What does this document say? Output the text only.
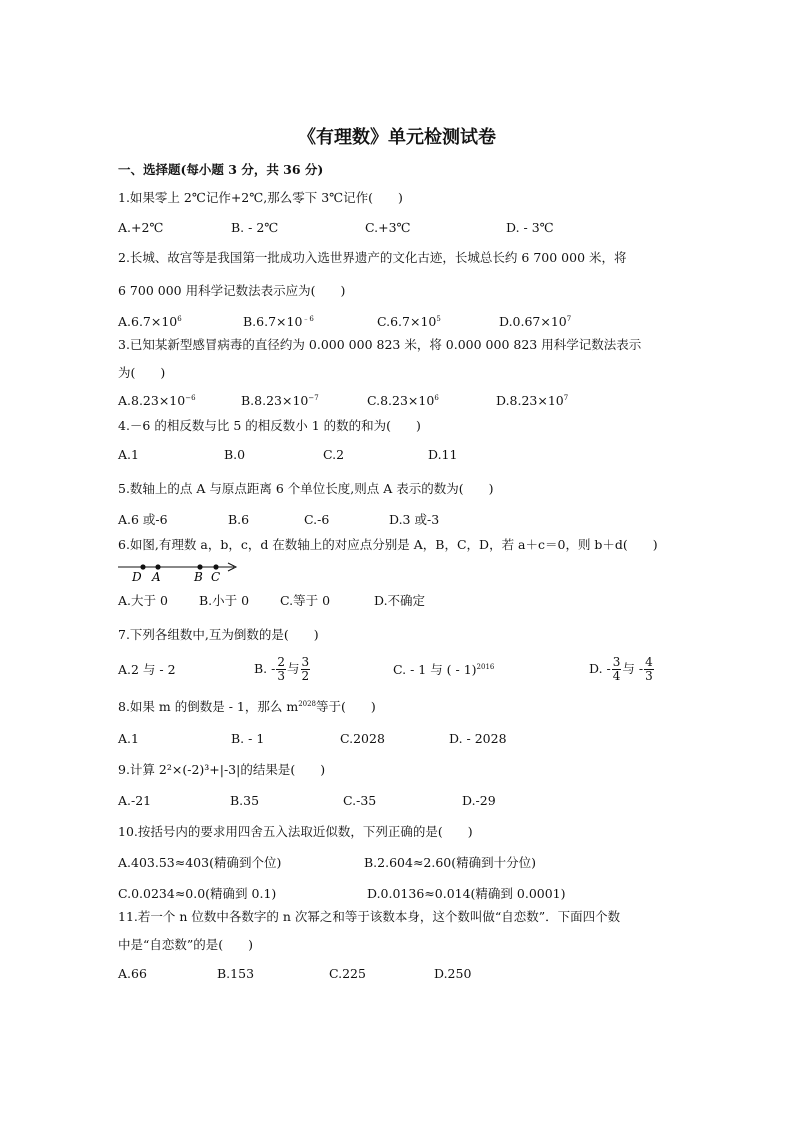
《有理数》单元检测试卷
一、选择题(每小题 3 分，共 36 分)
1.如果零上 2℃记作+2℃,那么零下 3℃记作(　　)
A.+2℃	B. - 2℃	C.+3℃	D. - 3℃
2.长城、故宫等是我国第一批成功入选世界遗产的文化古迹，长城总长约 6 700 000 米，将
6 700 000 用科学记数法表示应为(　　)
$A.6.7\times 10^6$	$B.6.7\times 10^{﹣6}$	$C.6.7\times 10^5$	$D.0.67\times 10^7$
3.已知某新型感冒病毒的直径约为 0.000 000 823 米，将 0.000 000 823 用科学记数法表示
为(　　)
$A.8.23\times 10^{-6}$	$B.8.23\times 10^{-7}$	$C.8.23\times 10^6$	$D.8.23\times 10^7$
4.－6 的相反数与比 5 的相反数小 1 的数的和为(　　)
A.1	B.0	C.2	D.11
5.数轴上的点 A 与原点距离 6 个单位长度,则点 A 表示的数为(　　)
A.6 或-6	B.6	C.-6	D.3 或-3
6.如图,有理数 a，b，c，d 在数轴上的对应点分别是 A，B，C，D，若 a＋c＝0，则 b＋d(　　)
D A	B C
A.大于 0 B.小于 0 C.等于 0	D.不确定
7.下列各组数中,互为倒数的是(　　)
A.2 与 - 2	B. - $\frac{2}{3}$ 与 $\frac{3}{2}$	C. - 1 与 ( - 1)$^{2016}$	D. - $\frac{3}{4}$ 与 - $\frac{4}{3}$
8.如果 m 的倒数是 - 1，那么 $m^{2028}$等于(　　)
A.1	B. - 1	C.2028	D. - 2028
9.计算 2²×(-2)³+|-3|的结果是(　　)
A.-21	B.35	C.-35	D.-29
10.按括号内的要求用四舍五入法取近似数，下列正确的是(　　)
A.403.53≈403(精确到个位)	B.2.604≈2.60(精确到十分位)
C.0.0234≈0.0(精确到 0.1)	D.0.0136≈0.014(精确到 0.0001)
11.若一个 n 位数中各数字的 n 次幂之和等于该数本身，这个数叫做“自恋数”．下面四个数
中是“自恋数”的是(　　)
A.66	B.153	C.225	D.250
